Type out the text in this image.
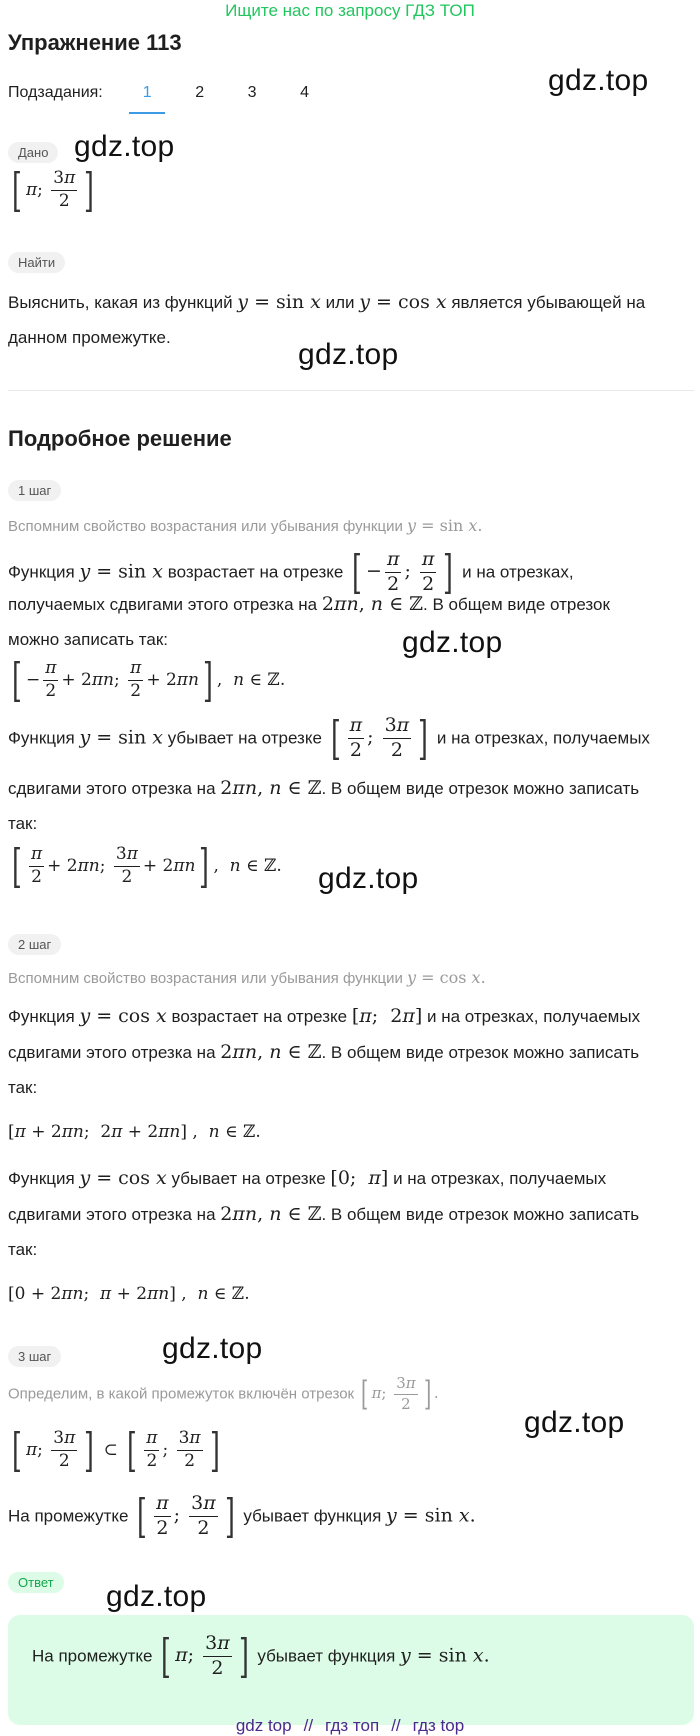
Ищите нас по запросу ГДЗ ТОП
Упражнение 113
Подзадания:	1	2	3	4	gdz.top
gdz.top
gdz.top
gdz.top
gdz.top
gdz.top
gdz.top
gdz.top
Дано
[ π; $\frac{3\pi}{2}$ ]
Найти
Выяснить, какая из функций y = sin x или y = cos x является убывающей на
данном промежутке.
Подробное решение
1 шаг
Вспомним свойство возрастания или убывания функции y = sin x.
Функция y = sin x возрастает на отрезке [ − $\frac{\pi}{2}$ ; $\frac{\pi}{2}$ ] и на отрезках,
получаемых сдвигами этого отрезка на 2πn, n ∈ ℤ. В общем виде отрезок
можно записать так:
[ − $\frac{\pi}{2} + 2\pi n$; $\frac{\pi}{2} + 2\pi n$] ,  n ∈ ℤ.
Функция y = sin x убывает на отрезке [ $\frac{\pi}{2}$ ; $\frac{3\pi}{2}$ ] и на отрезках, получаемых
сдвигами этого отрезка на 2πn, n ∈ ℤ. В общем виде отрезок можно записать
так:
[ $\frac{\pi}{2} + 2\pi n$; $\frac{3\pi}{2} + 2\pi n$] ,  n ∈ ℤ.
2 шаг
Вспомним свойство возрастания или убывания функции y = cos x.
Функция y = cos x возрастает на отрезке [π;  2π] и на отрезках, получаемых
сдвигами этого отрезка на 2πn, n ∈ ℤ. В общем виде отрезок можно записать
так:
[π + 2πn;  2π + 2πn] ,  n ∈ ℤ.
Функция y = cos x убывает на отрезке [0;  π] и на отрезках, получаемых
сдвигами этого отрезка на 2πn, n ∈ ℤ. В общем виде отрезок можно записать
так:
[0 + 2πn;  π + 2πn] ,  n ∈ ℤ.
3 шаг
Определим, в какой промежуток включён отрезок [ π; $\frac{3\pi}{2}$ ] .
[ π; $\frac{3\pi}{2}$ ] ⊂ [ $\frac{\pi}{2}$ ; $\frac{3\pi}{2}$ ]
На промежутке [ $\frac{\pi}{2}$ ; $\frac{3\pi}{2}$ ] убывает функция y = sin x.
Ответ
На промежутке [ π; $\frac{3\pi}{2}$ ] убывает функция y = sin x.
gdz top // гдз топ // гдз top
